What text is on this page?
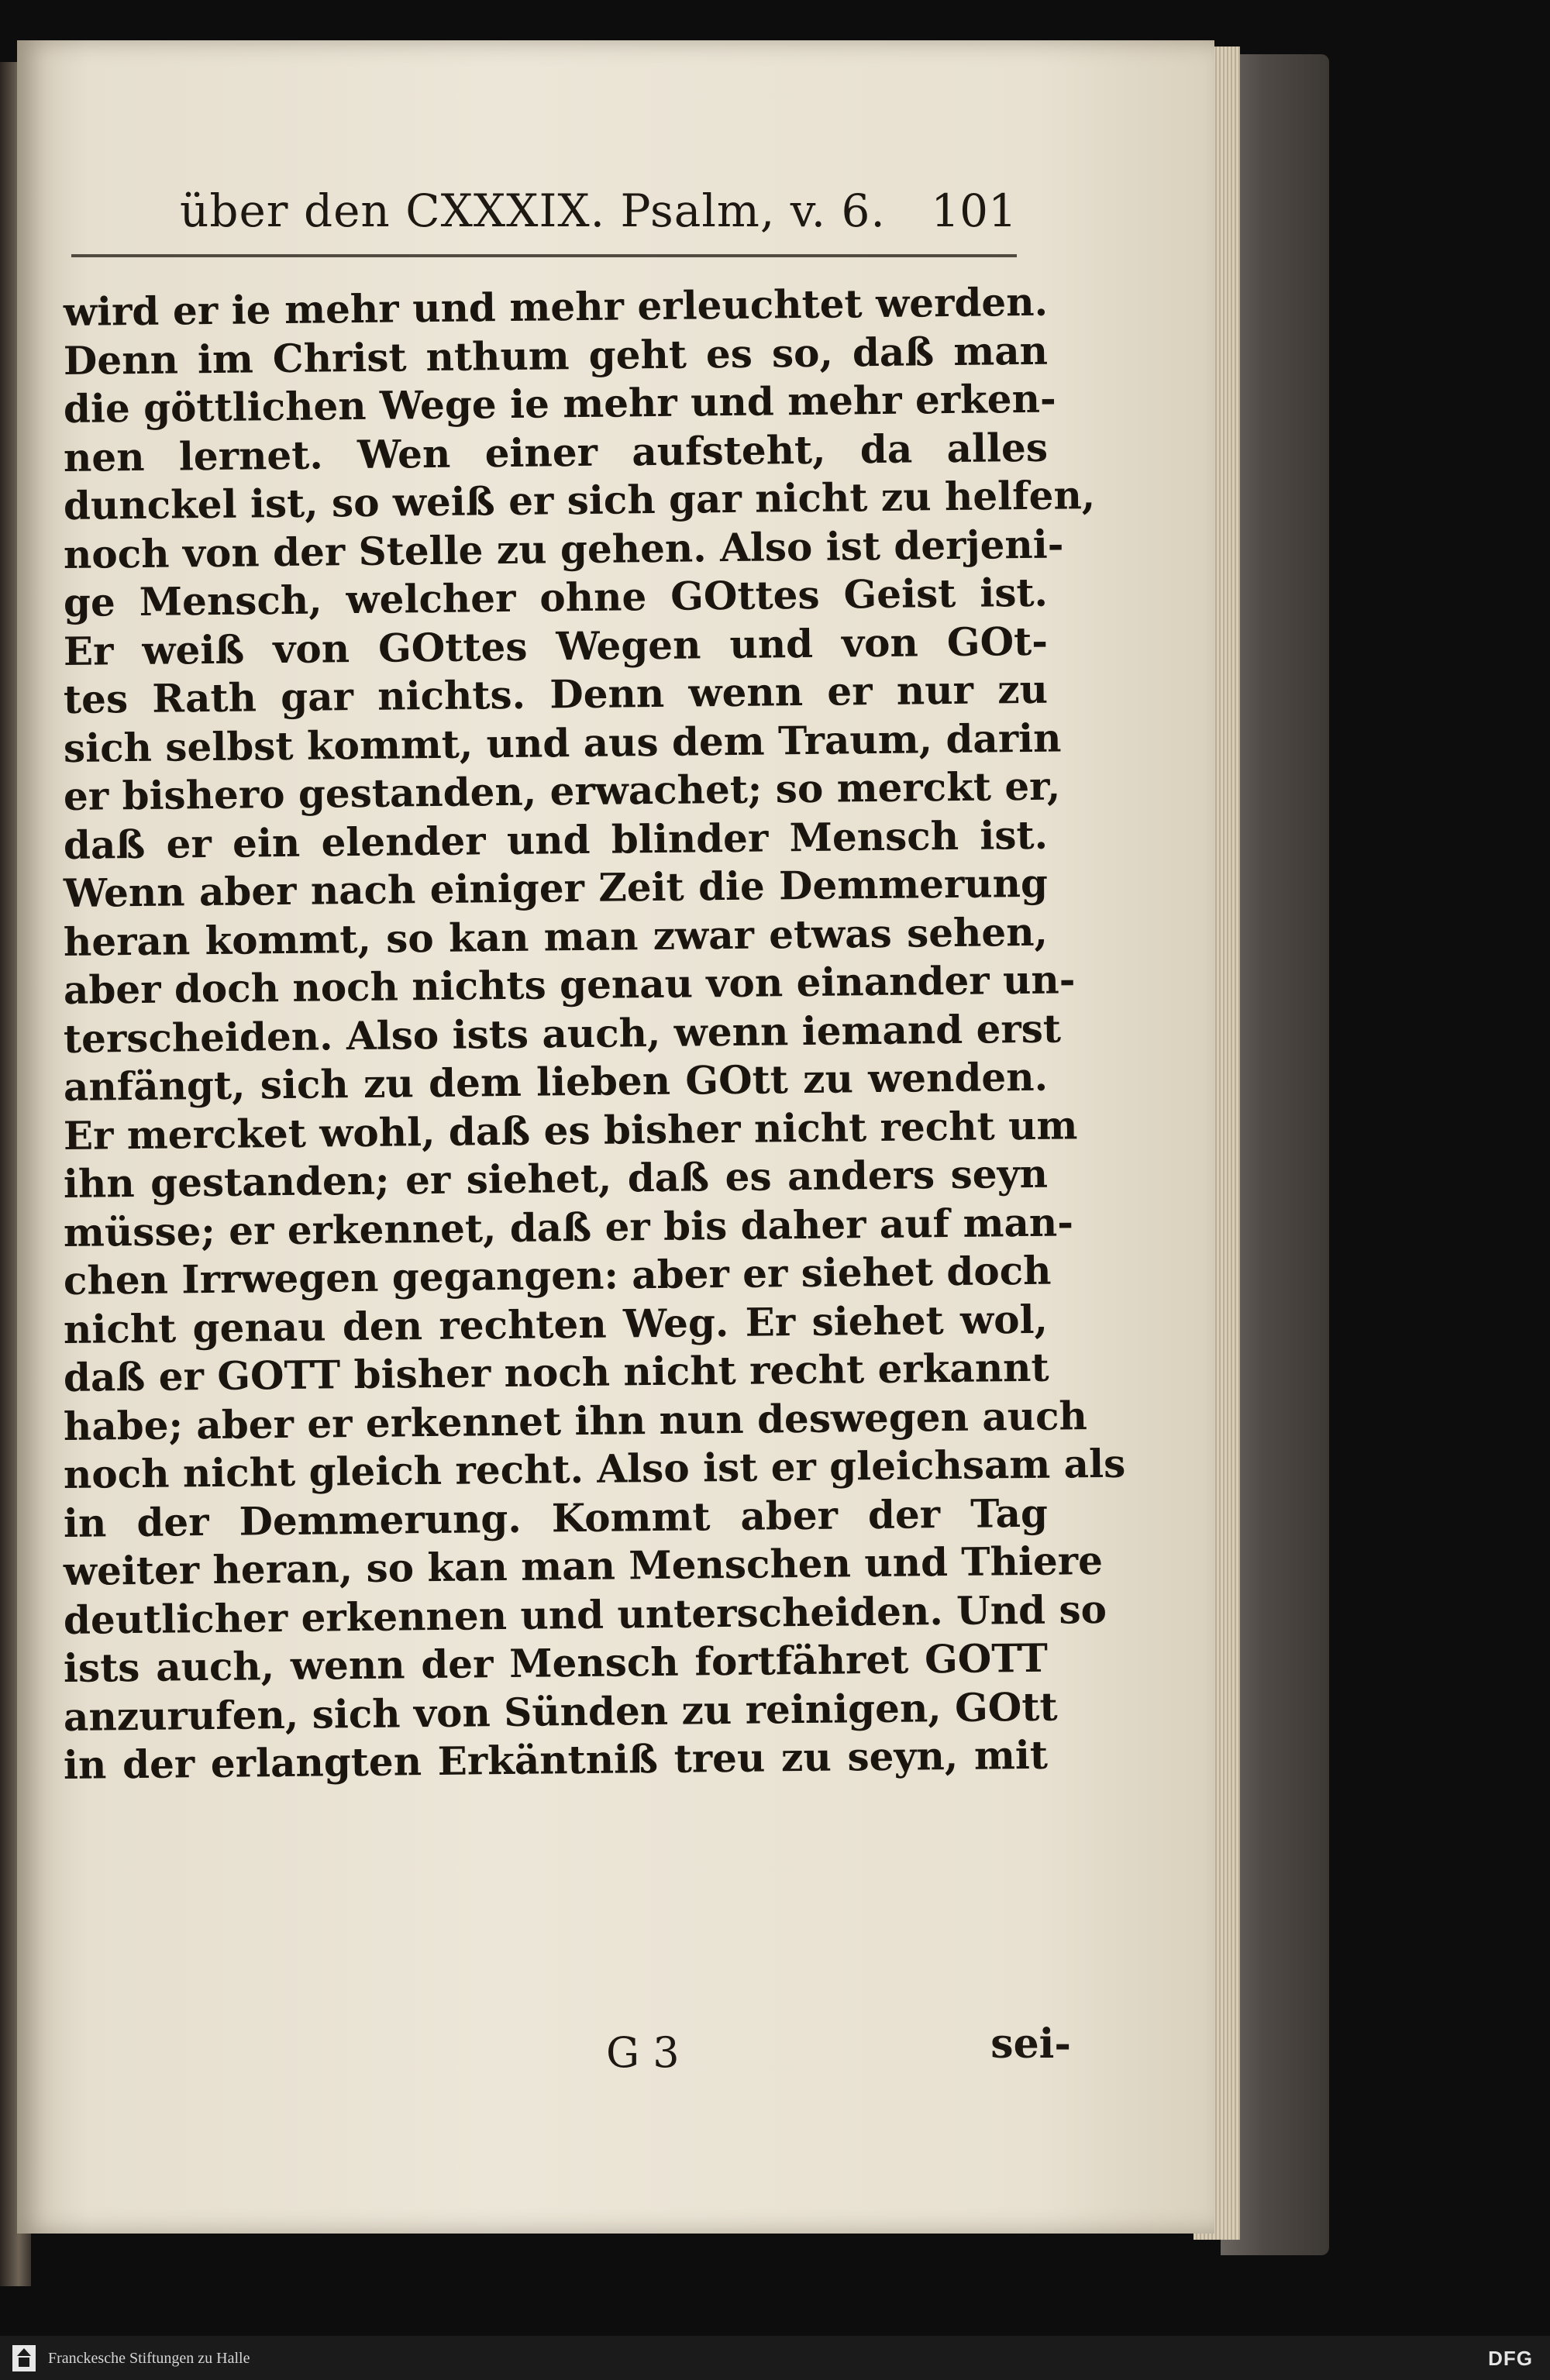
über den CXXXIX. Psalm, v. 6. 101
wird er ie mehr und mehr erleuchtet werden.
Denn im Christ nthum geht es so, daß man
die göttlichen Wege ie mehr und mehr erken-
nen lernet. Wen einer aufsteht, da alles
dunckel ist, so weiß er sich gar nicht zu helfen,
noch von der Stelle zu gehen. Also ist derjeni-
ge Mensch, welcher ohne GOttes Geist ist.
Er weiß von GOttes Wegen und von GOt-
tes Rath gar nichts. Denn wenn er nur zu
sich selbst kommt, und aus dem Traum, darin
er bishero gestanden, erwachet; so merckt er,
daß er ein elender und blinder Mensch ist.
Wenn aber nach einiger Zeit die Demmerung
heran kommt, so kan man zwar etwas sehen,
aber doch noch nichts genau von einander un-
terscheiden. Also ists auch, wenn iemand erst
anfängt, sich zu dem lieben GOtt zu wenden.
Er mercket wohl, daß es bisher nicht recht um
ihn gestanden; er siehet, daß es anders seyn
müsse; er erkennet, daß er bis daher auf man-
chen Irrwegen gegangen: aber er siehet doch
nicht genau den rechten Weg. Er siehet wol,
daß er GOTT bisher noch nicht recht erkannt
habe; aber er erkennet ihn nun deswegen auch
noch nicht gleich recht. Also ist er gleichsam als
in der Demmerung. Kommt aber der Tag
weiter heran, so kan man Menschen und Thiere
deutlicher erkennen und unterscheiden. Und so
ists auch, wenn der Mensch fortfähret GOTT
anzurufen, sich von Sünden zu reinigen, GOtt
in der erlangten Erkäntniß treu zu seyn, mit
G 3	sei-
Franckesche Stiftungen zu Halle	DFG
